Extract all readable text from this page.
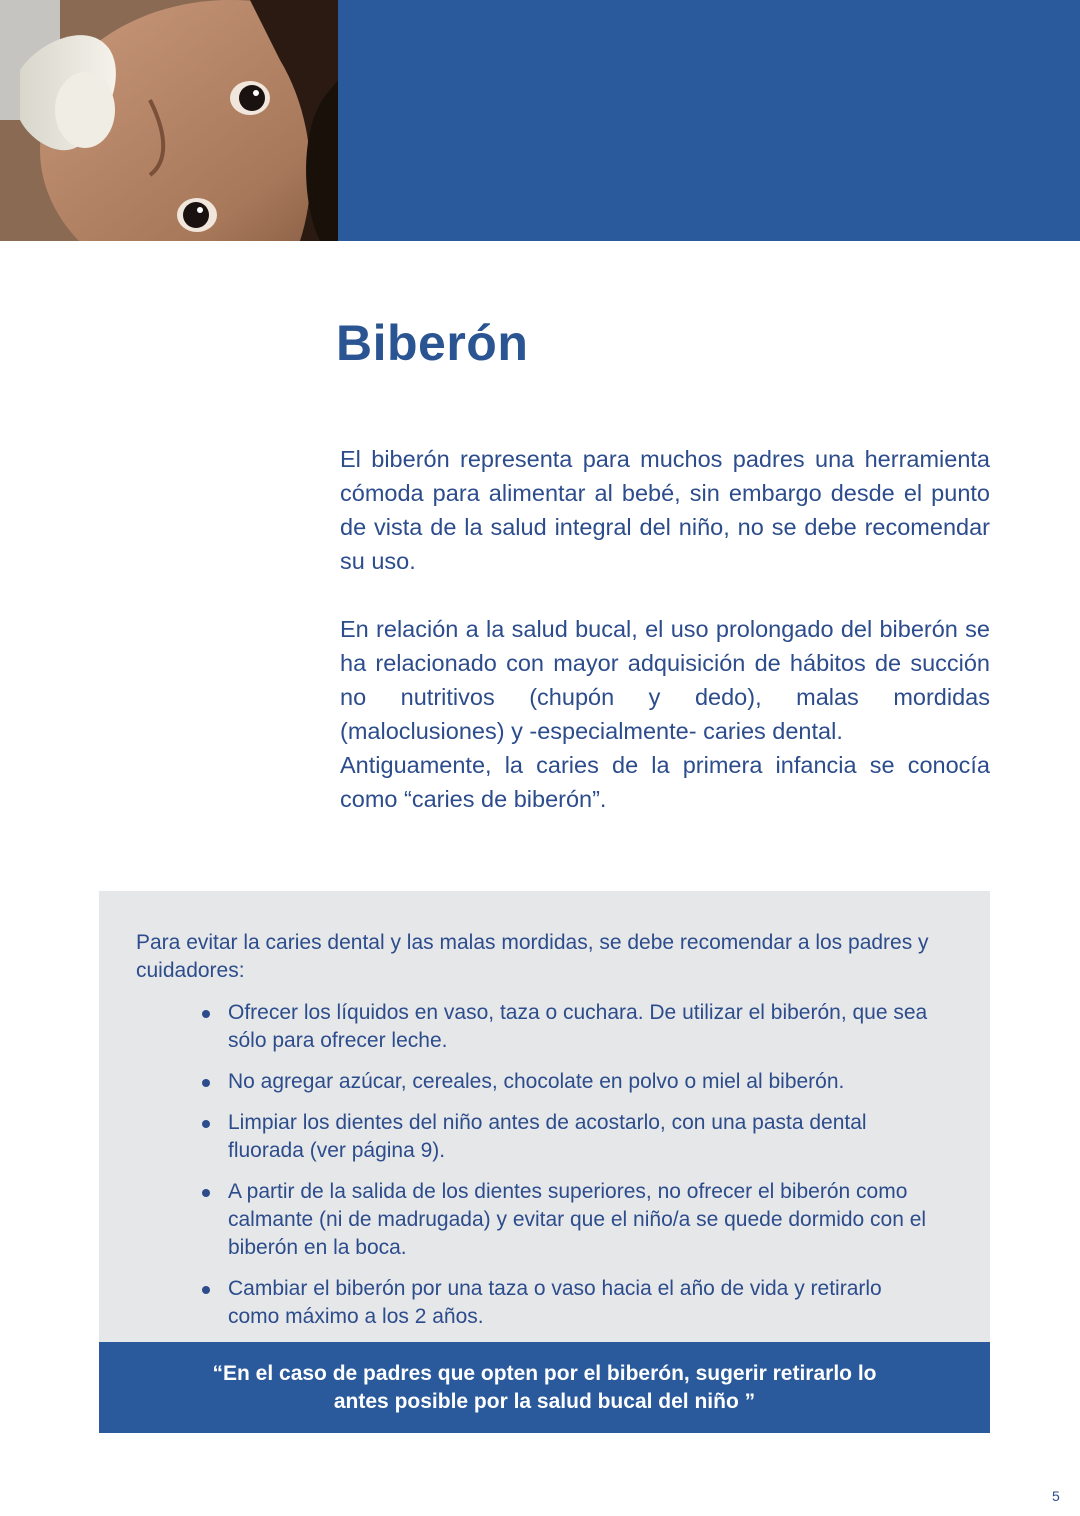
Biberón

El biberón representa para muchos padres una herramienta cómoda para alimentar al bebé, sin embargo desde el punto de vista de la salud integral del niño, no se debe recomendar su uso.

En relación a la salud bucal, el uso prolongado del biberón se ha relacionado con mayor adquisición de hábitos de succión no nutritivos (chupón y dedo), malas mordidas (maloclusiones) y -especialmente- caries dental.

Antiguamente, la caries de la primera infancia se conocía como “caries de biberón”.

Para evitar la caries dental y las malas mordidas, se debe recomendar a los padres y cuidadores:
Ofrecer los líquidos en vaso, taza o cuchara. De utilizar el biberón, que sea sólo para ofrecer leche.
No agregar azúcar, cereales, chocolate en polvo o miel al biberón.
Limpiar los dientes del niño antes de acostarlo, con una pasta dental fluorada (ver página 9).
A partir de la salida de los dientes superiores, no ofrecer el biberón como calmante (ni de madrugada) y evitar que el niño/a se quede dormido con el biberón en la boca.
Cambiar el biberón por una taza o vaso hacia el año de vida y retirarlo como máximo a los 2 años.
“En el caso de padres que opten por el biberón, sugerir retirarlo lo antes posible por la salud bucal del niño ”
5
